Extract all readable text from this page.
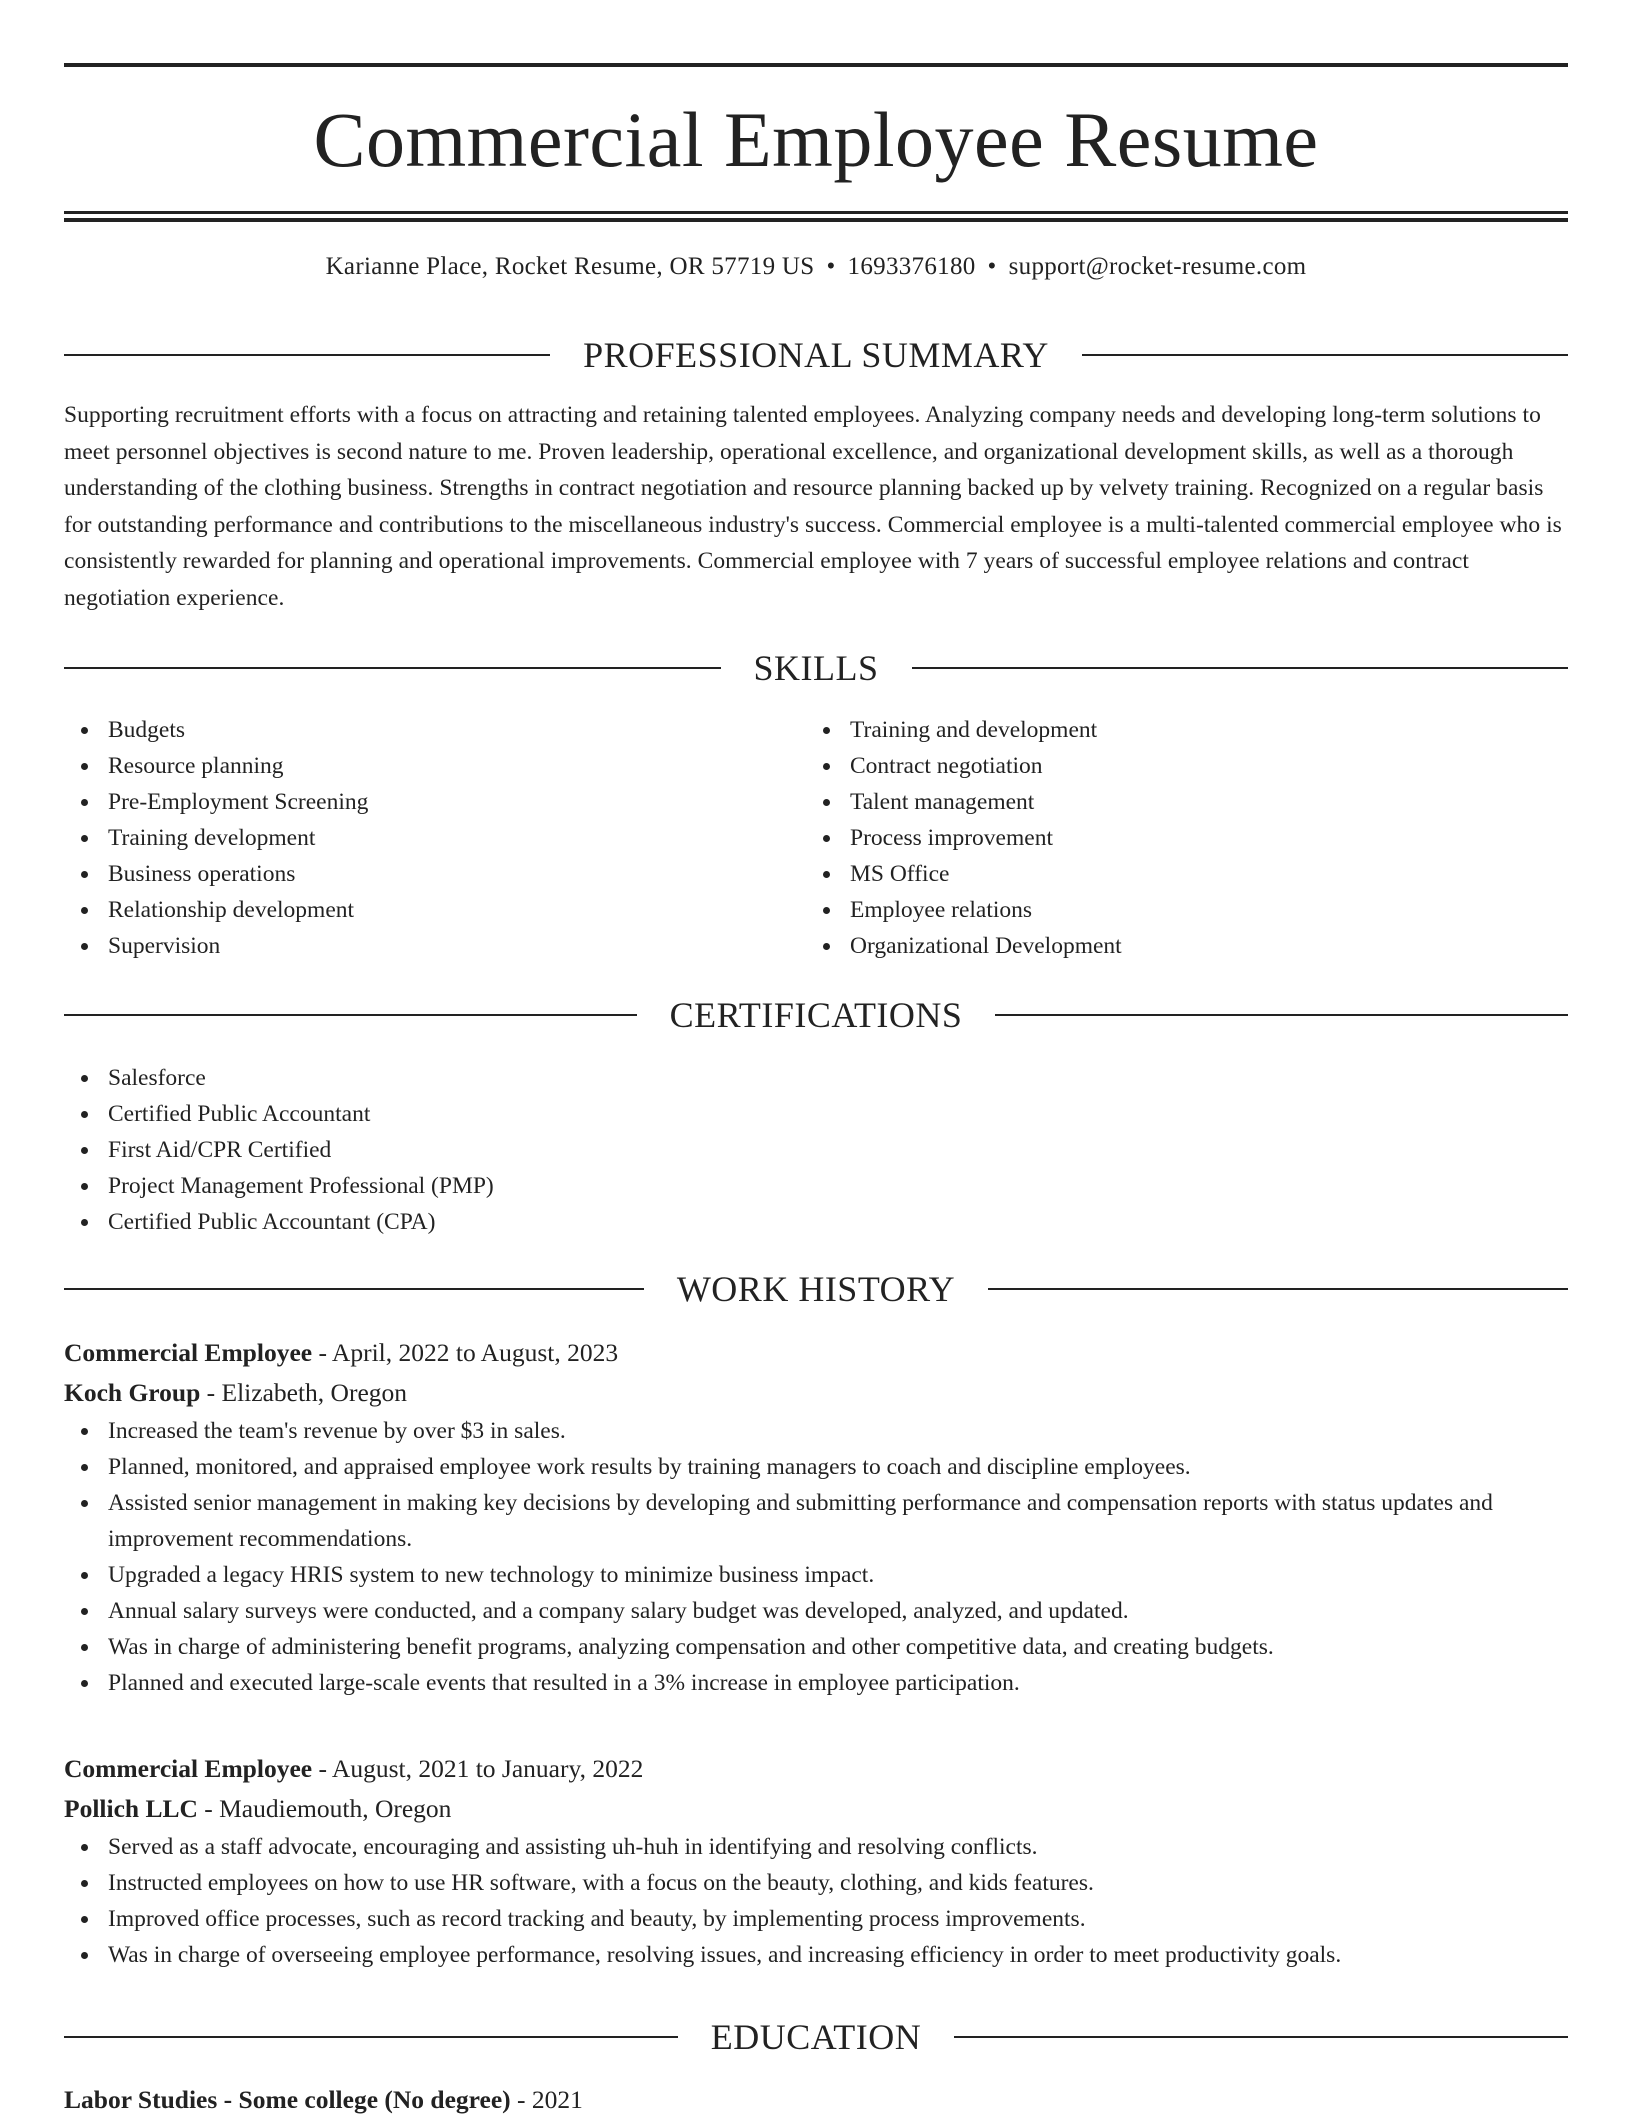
Commercial Employee Resume
Karianne Place, Rocket Resume, OR 57719 US • 1693376180 • support@rocket-resume.com
PROFESSIONAL SUMMARY
Supporting recruitment efforts with a focus on attracting and retaining talented employees. Analyzing company needs and developing long-term solutions to meet personnel objectives is second nature to me. Proven leadership, operational excellence, and organizational development skills, as well as a thorough understanding of the clothing business. Strengths in contract negotiation and resource planning backed up by velvety training. Recognized on a regular basis for outstanding performance and contributions to the miscellaneous industry's success. Commercial employee is a multi-talented commercial employee who is consistently rewarded for planning and operational improvements. Commercial employee with 7 years of successful employee relations and contract negotiation experience.
SKILLS
Budgets
Resource planning
Pre-Employment Screening
Training development
Business operations
Relationship development
Supervision
Training and development
Contract negotiation
Talent management
Process improvement
MS Office
Employee relations
Organizational Development
CERTIFICATIONS
Salesforce
Certified Public Accountant
First Aid/CPR Certified
Project Management Professional (PMP)
Certified Public Accountant (CPA)
WORK HISTORY
Commercial Employee - April, 2022 to August, 2023
Koch Group - Elizabeth, Oregon
Increased the team's revenue by over $3 in sales.
Planned, monitored, and appraised employee work results by training managers to coach and discipline employees.
Assisted senior management in making key decisions by developing and submitting performance and compensation reports with status updates and improvement recommendations.
Upgraded a legacy HRIS system to new technology to minimize business impact.
Annual salary surveys were conducted, and a company salary budget was developed, analyzed, and updated.
Was in charge of administering benefit programs, analyzing compensation and other competitive data, and creating budgets.
Planned and executed large-scale events that resulted in a 3% increase in employee participation.
Commercial Employee - August, 2021 to January, 2022
Pollich LLC - Maudiemouth, Oregon
Served as a staff advocate, encouraging and assisting uh-huh in identifying and resolving conflicts.
Instructed employees on how to use HR software, with a focus on the beauty, clothing, and kids features.
Improved office processes, such as record tracking and beauty, by implementing process improvements.
Was in charge of overseeing employee performance, resolving issues, and increasing efficiency in order to meet productivity goals.
EDUCATION
Labor Studies - Some college (No degree) - 2021
